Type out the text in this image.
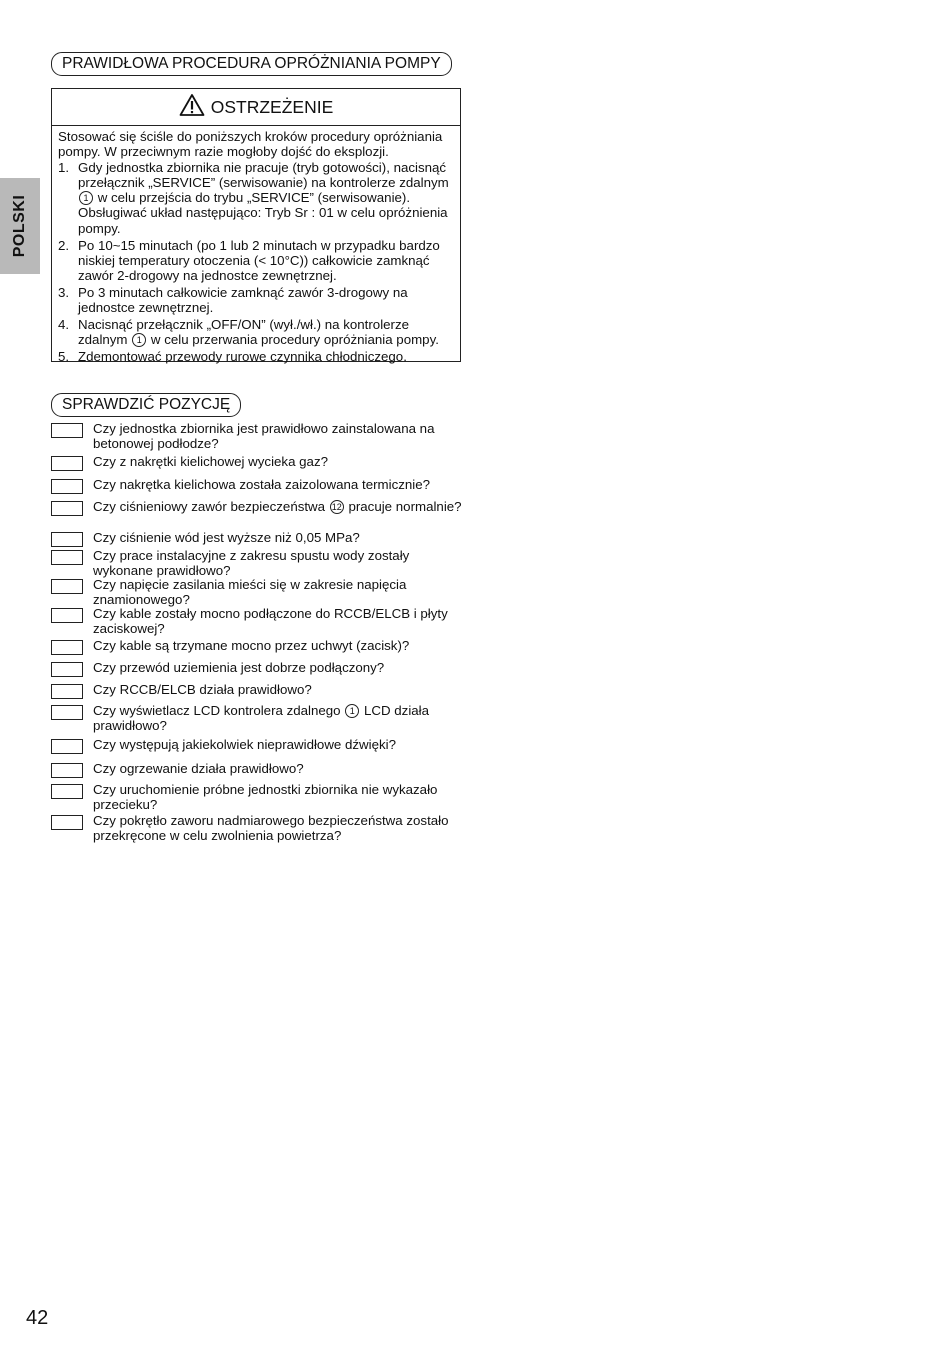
POLSKI
PRAWIDŁOWA PROCEDURA OPRÓŻNIANIA POMPY
OSTRZEŻENIE

Stosować się ściśle do poniższych kroków procedury opróżniania pompy. W przeciwnym razie mogłoby dojść do eksplozji.

1. Gdy jednostka zbiornika nie pracuje (tryb gotowości), nacisnąć przełącznik „SERVICE” (serwisowanie) na kontrolerze zdalnym 1 w celu przejścia do trybu „SERVICE” (serwisowanie). Obsługiwać układ następująco: Tryb Sr : 01 w celu opróżnienia pompy.
2. Po 10~15 minutach (po 1 lub 2 minutach w przypadku bardzo niskiej temperatury otoczenia (< 10°C)) całkowicie zamknąć zawór 2-drogowy na jednostce zewnętrznej.
3. Po 3 minutach całkowicie zamknąć zawór 3-drogowy na jednostce zewnętrznej.
4. Nacisnąć przełącznik „OFF/ON” (wył./wł.) na kontrolerze zdalnym 1 w celu przerwania procedury opróżniania pompy.
5. Zdemontować przewody rurowe czynnika chłodniczego.
SPRAWDZIĆ POZYCJĘ
Czy jednostka zbiornika jest prawidłowo zainstalowana na betonowej podłodze?
Czy z nakrętki kielichowej wycieka gaz?
Czy nakrętka kielichowa została zaizolowana termicznie?
Czy ciśnieniowy zawór bezpieczeństwa 12 pracuje normalnie?
Czy ciśnienie wód jest wyższe niż 0,05 MPa?
Czy prace instalacyjne z zakresu spustu wody zostały wykonane prawidłowo?
Czy napięcie zasilania mieści się w zakresie napięcia znamionowego?
Czy kable zostały mocno podłączone do RCCB/ELCB i płyty zaciskowej?
Czy kable są trzymane mocno przez uchwyt (zacisk)?
Czy przewód uziemienia jest dobrze podłączony?
Czy RCCB/ELCB działa prawidłowo?
Czy wyświetlacz LCD kontrolera zdalnego 1 LCD działa prawidłowo?
Czy występują jakiekolwiek nieprawidłowe dźwięki?
Czy ogrzewanie działa prawidłowo?
Czy uruchomienie próbne jednostki zbiornika nie wykazało przecieku?
Czy pokrętło zaworu nadmiarowego bezpieczeństwa zostało przekręcone w celu zwolnienia powietrza?
42
